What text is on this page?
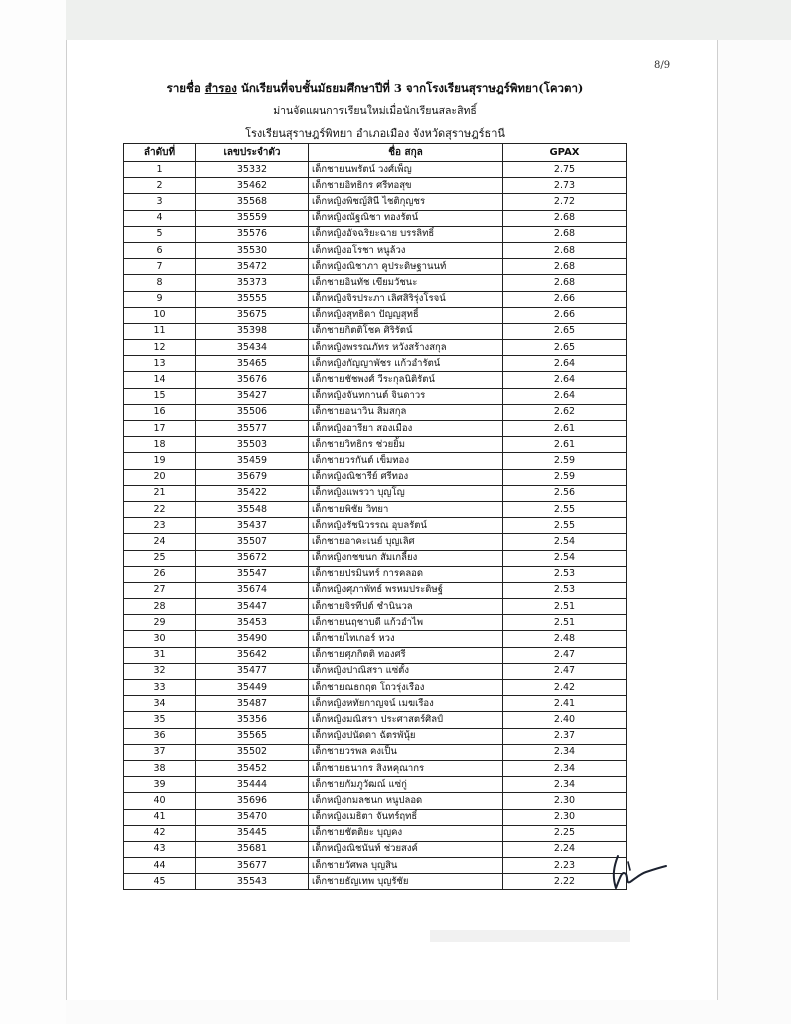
8/9
รายชื่อ สำรอง นักเรียนที่จบชั้นมัธยมศึกษาปีที่ 3 จากโรงเรียนสุราษฎร์พิทยา(โควตา)
ม่านจัดแผนการเรียนใหม่เมื่อนักเรียนสละสิทธิ์
โรงเรียนสุราษฎร์พิทยา อำเภอเมือง จังหวัดสุราษฎร์ธานี
ลำดับที่	เลขประจำตัว	ชื่อ สกุล	GPAX
1	35332	เด็กชายนพรัตน์ วงศ์เพ็ญ	2.75
2	35462	เด็กชายอิทธิกร ศรีทอสุข	2.73
3	35568	เด็กหญิงพิชญ์สินี ไชติกุญชร	2.72
4	35559	เด็กหญิงณัฐณิชา ทองรัตน์	2.68
5	35576	เด็กหญิงอัจฉริยะฉาย บรรลิทธิ์	2.68
6	35530	เด็กหญิงอโรชา หนูล้วง	2.68
7	35472	เด็กหญิงณิชาภา คูประดิษฐานนท์	2.68
8	35373	เด็กชายอินทัช เขียมวัชนะ	2.68
9	35555	เด็กหญิงจิรประภา เลิศสิริรุ่งโรจน์	2.66
10	35675	เด็กหญิงสุทธิดา ปัญญสุทธิ์	2.66
11	35398	เด็กชายกิตติโชค ศิริรัตน์	2.65
12	35434	เด็กหญิงพรรณภัทร หวังสร้างสกุล	2.65
13	35465	เด็กหญิงกัญญาพัชร แก้วอำรัตน์	2.64
14	35676	เด็กชายชัชพงศ์ วีระกุลนิติรัตน์	2.64
15	35427	เด็กหญิงจันทกานต์ จินดาวร	2.64
16	35506	เด็กชายอนาวิน สิมสกุล	2.62
17	35577	เด็กหญิงอารียา สองเมือง	2.61
18	35503	เด็กชายวิทธิกร ช่วยยิ้ม	2.61
19	35459	เด็กชายวรกันต์ เข็มทอง	2.59
20	35679	เด็กหญิงณิชารีย์ ศรีทอง	2.59
21	35422	เด็กหญิงแพรวา บุญโญ	2.56
22	35548	เด็กชายพิชัย วิทยา	2.55
23	35437	เด็กหญิงรัชนิวรรณ อุบลรัตน์	2.55
24	35507	เด็กชายอาคะเนย์ บุญเลิศ	2.54
25	35672	เด็กหญิงกชขนก สัมเกลี้ยง	2.54
26	35547	เด็กชายปรมินทร์ การคลอด	2.53
27	35674	เด็กหญิงศุภาพัทธ์ พรหมประดิษฐ์	2.53
28	35447	เด็กชายจิรทีปต์ ชำนินวล	2.51
29	35453	เด็กชายนฤชาบดี แก้วอำไพ	2.51
30	35490	เด็กชายไทเกอร์ หวง	2.48
31	35642	เด็กชายศุภกิตติ ทองศรี	2.47
32	35477	เด็กหญิงปาณิสรา แซ่ตั้ง	2.47
33	35449	เด็กชายณธกฤต โถวรุ่งเรือง	2.42
34	35487	เด็กหญิงหทัยกาญจน์ เมฆเรือง	2.41
35	35356	เด็กหญิงมณิสรา ประศาสตร์ศิลป์	2.40
36	35565	เด็กหญิงปนัดดา ฉัตรพันุ้ย	2.37
37	35502	เด็กชายวรพล คงเป็น	2.34
38	35452	เด็กชายธนากร สิงหคุณากร	2.34
39	35444	เด็กชายกัมภูวัฒณ์ แซ่กู่	2.34
40	35696	เด็กหญิงกมลชนก หนูปลอด	2.30
41	35470	เด็กหญิงเมธิตา จันทร์ฤทธิ์	2.30
42	35445	เด็กชายชัตติยะ บุญคง	2.25
43	35681	เด็กหญิงณิชนันท์ ช่วยสงค์	2.24
44	35677	เด็กชายวัศพล บุญสิน	2.23
45	35543	เด็กชายธัญเทพ บุญรัชัย	2.22
